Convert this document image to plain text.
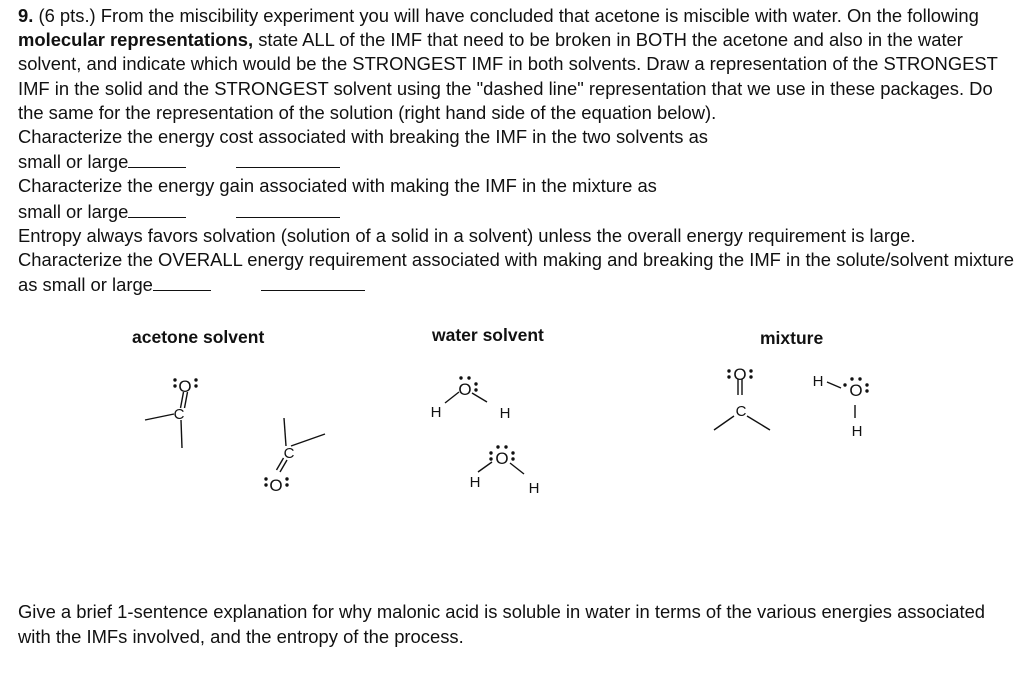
9. (6 pts.) From the miscibility experiment you will have concluded that acetone is miscible with water. On the following molecular representations, state ALL of the IMF that need to be broken in BOTH the acetone and also in the water solvent, and indicate which would be the STRONGEST IMF in both solvents. Draw a representation of the STRONGEST IMF in the solid and the STRONGEST solvent using the "dashed line" representation that we use in these packages. Do the same for the representation of the solution (right hand side of the equation below).

Characterize the energy cost associated with breaking the IMF in the two solvents as

small or large

Characterize the energy gain associated with making the IMF in the mixture as

small or large

Entropy always favors solvation (solution of a solid in a solvent) unless the overall energy requirement is large. Characterize the OVERALL energy requirement associated with making and breaking the IMF in the solute/solvent mixture as small or large

acetone solvent	water solvent	mixture
O
C
C
O
O
H	H
O
H	H
O
C
H O
H

Give a brief 1-sentence explanation for why malonic acid is soluble in water in terms of the various energies associated with the IMFs involved, and the entropy of the process.
